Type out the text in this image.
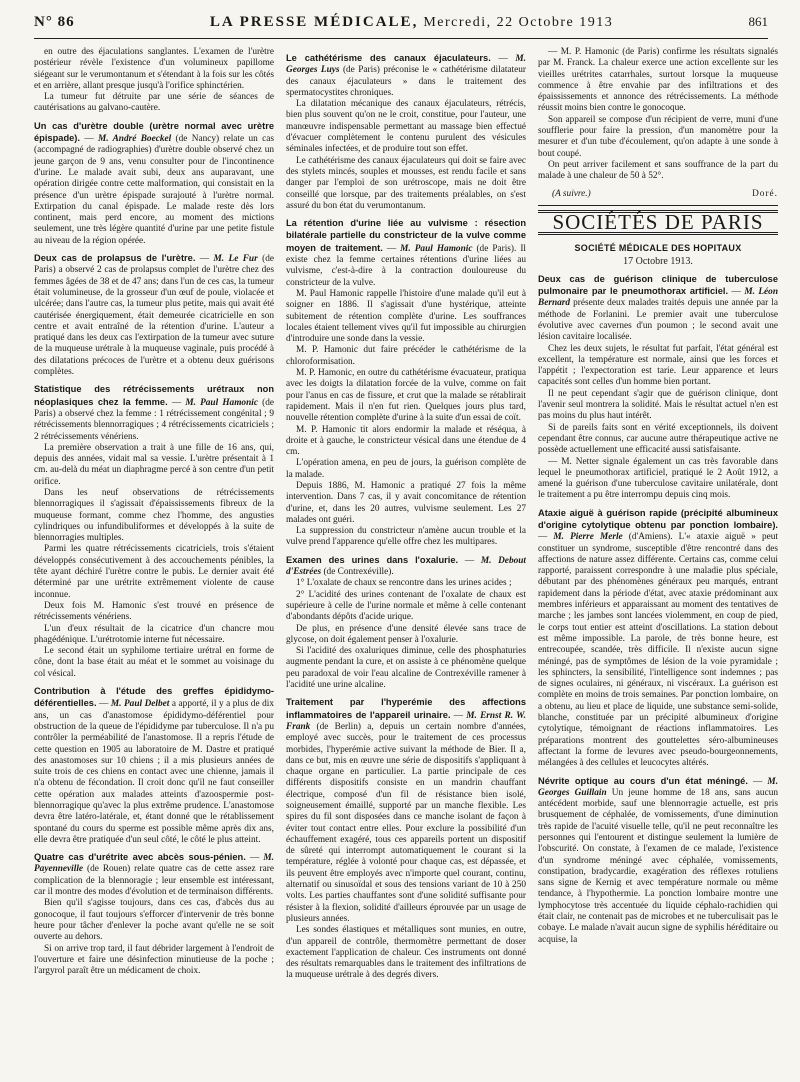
N° 86	LA PRESSE MÉDICALE, Mercredi, 22 Octobre 1913	861

en outre des éjaculations sanglantes. L'examen de l'urètre postérieur révèle l'existence d'un volumineux papillome siégeant sur le verumontanum et s'étendant à la fois sur les côtés et en arrière, allant presque jusqu'à l'orifice sphinctérien.

La tumeur fut détruite par une série de séances de cautérisations au galvano-cautère.

Un cas d'urètre double (urètre normal avec urètre épispade). — M. André Boeckel (de Nancy) relate un cas (accompagné de radiographies) d'urètre double observé chez un jeune garçon de 9 ans, venu consulter pour de l'incontinence d'urine. Le malade avait subi, deux ans auparavant, une opération dirigée contre cette malformation, qui consistait en la présence d'un urètre épispade surajouté à l'urètre normal. Extirpation du canal épispade. Le malade reste dès lors continent, mais perd encore, au moment des mictions seulement, une très légère quantité d'urine par une petite fistule au niveau de la région opérée.

Deux cas de prolapsus de l'urètre. — M. Le Fur (de Paris) a observé 2 cas de prolapsus complet de l'urètre chez des femmes âgées de 38 et de 47 ans; dans l'un de ces cas, la tumeur était volumineuse, de la grosseur d'un œuf de poule, violacée et ulcérée; dans l'autre cas, la tumeur plus petite, mais qui avait été cautérisée énergiquement, était demeurée cicatricielle en son centre et avait entraîné de la rétention d'urine. L'auteur a pratiqué dans les deux cas l'extirpation de la tumeur avec suture de la muqueuse urétrale à la muqueuse vaginale, puis procédé à des dilatations précoces de l'urètre et a obtenu deux guérisons complètes.

Statistique des rétrécissements urétraux non néoplasiques chez la femme. — M. Paul Hamonic (de Paris) a observé chez la femme : 1 rétrécissement congénital ; 9 rétrécissements blennorragiques ; 4 rétrécissements cicatriciels ; 2 rétrécissements vénériens.

La première observation a trait à une fille de 16 ans, qui, depuis des années, vidait mal sa vessie. L'urètre présentait à 1 cm. au-delà du méat un diaphragme percé à son centre d'un petit orifice.

Dans les neuf observations de rétrécissements blennorragiques il s'agissait d'épaississements fibreux de la muqueuse formant, comme chez l'homme, des angusties cylindriques ou infundibuliformes et développés à la suite de blennorragies multiples.

Parmi les quatre rétrécissements cicatriciels, trois s'étaient développés consécutivement à des accouchements pénibles, la tête ayant déchiré l'urètre contre le pubis. Le dernier avait été déterminé par une urétrite extrêmement violente de cause inconnue.

Deux fois M. Hamonic s'est trouvé en présence de rétrécissements vénériens.

L'un d'eux résultait de la cicatrice d'un chancre mou phagédénique. L'urétrotomie interne fut nécessaire.

Le second était un syphilome tertiaire urétral en forme de cône, dont la base était au méat et le sommet au voisinage du col vésical.

Contribution à l'étude des greffes épididymo-déférentielles. — M. Paul Delbet a apporté, il y a plus de dix ans, un cas d'anastomose épididymo-déférentiel pour obstruction de la queue de l'épididyme par tuberculose. Il n'a pu contrôler la perméabilité de l'anastomose. Il a repris l'étude de cette question en 1905 au laboratoire de M. Dastre et pratiqué des anastomoses sur 10 chiens ; il a mis plusieurs années de suite trois de ces chiens en contact avec une chienne, jamais il n'a obtenu de fécondation. Il croit donc qu'il ne faut conseiller cette opération aux malades atteints d'azoospermie post-blennorragique qu'avec la plus extrême prudence. L'anastomose devra être latéro-latérale, et, étant donné que le rétablissement spontané du cours du sperme est possible même après dix ans, elle devra être pratiquée d'un seul côté, le côté le plus atteint.

Quatre cas d'urétrite avec abcès sous-pénien. — M. Payenneville (de Rouen) relate quatre cas de cette assez rare complication de la blennoragie ; leur ensemble est intéressant, car il montre des modes d'évolution et de terminaison différents.

Bien qu'il s'agisse toujours, dans ces cas, d'abcès dus au gonocoque, il faut toujours s'efforcer d'intervenir de très bonne heure pour tâcher d'enlever la poche avant qu'elle ne se soit ouverte au dehors.

Si on arrive trop tard, il faut débrider largement à l'endroit de l'ouverture et faire une désinfection minutieuse de la poche ; l'argyrol paraît être un médicament de choix.

Le cathétérisme des canaux éjaculateurs. — M. Georges Luys (de Paris) préconise le « cathétérisme dilatateur des canaux éjaculateurs » dans le traitement des spermatocystites chroniques.

La dilatation mécanique des canaux éjaculateurs, rétrécis, bien plus souvent qu'on ne le croit, constitue, pour l'auteur, une manœuvre indispensable permettant au massage bien effectué d'évacuer complètement le contenu purulent des vésicules séminales infectées, et de produire tout son effet.

Le cathétérisme des canaux éjaculateurs qui doit se faire avec des stylets mincés, souples et mousses, est rendu facile et sans danger par l'emploi de son urétroscope, mais ne doit être conseillé que lorsque, par des traitements préalables, on s'est assuré du bon état du verumontanum.

La rétention d'urine liée au vulvisme : résection bilatérale partielle du constricteur de la vulve comme moyen de traitement. — M. Paul Hamonic (de Paris). Il existe chez la femme certaines rétentions d'urine liées au vulvisme, c'est-à-dire à la contraction douloureuse du constricteur de la vulve.

M. Paul Hamonic rappelle l'histoire d'une malade qu'il eut à soigner en 1886. Il s'agissait d'une hystérique, atteinte subitement de rétention complète d'urine. Les souffrances locales étaient tellement vives qu'il fut impossible au chirurgien d'introduire une sonde dans la vessie.

M. P. Hamonic dut faire précéder le cathétérisme de la chloroformisation.

M. P. Hamonic, en outre du cathétérisme évacuateur, pratiqua avec les doigts la dilatation forcée de la vulve, comme on fait pour l'anus en cas de fissure, et crut que la malade se rétablirait rapidement. Mais il n'en fut rien. Quelques jours plus tard, nouvelle rétention complète d'urine à la suite d'un essai de coït.

M. P. Hamonic tit alors endormir la malade et réséqua, à droite et à gauche, le constricteur vésical dans une étendue de 4 cm.

L'opération amena, en peu de jours, la guérison complète de la malade.

Depuis 1886, M. Hamonic a pratiqué 27 fois la même intervention. Dans 7 cas, il y avait concomitance de rétention d'urine, et, dans les 20 autres, vulvisme seulement. Les 27 malades ont guéri.

La suppression du constricteur n'amène aucun trouble et la vulve prend l'apparence qu'elle offre chez les multipares.

Examen des urines dans l'oxalurie. — M. Debout d'Estrées (de Contrexéville).

1° L'oxalate de chaux se rencontre dans les urines acides ;

2° L'acidité des urines contenant de l'oxalate de chaux est supérieure à celle de l'urine normale et même à celle contenant d'abondants dépôts d'acide urique.

De plus, en présence d'une densité élevée sans trace de glycose, on doit également penser à l'oxalurie.

Si l'acidité des oxaluriques diminue, celle des phosphaturies augmente pendant la cure, et on assiste à ce phénomène quelque peu paradoxal de voir l'eau alcaline de Contrexéville ramener à l'acidité une urine alcaline.

Traitement par l'hyperémie des affections inflammatoires de l'appareil urinaire. — M. Ernst R. W. Frank (de Berlin) a, depuis un certain nombre d'années, employé avec succès, pour le traitement de ces processus morbides, l'hyperémie active suivant la méthode de Bier. Il a, dans ce but, mis en œuvre une série de dispositifs s'appliquant à chaque organe en particulier. La partie principale de ces différents dispositifs consiste en un mandrin chauffant électrique, composé d'un fil de résistance bien isolé, soigneusement émaillé, supporté par un manche flexible. Les spires du fil sont disposées dans ce manche isolant de façon à éviter tout contact entre elles. Pour exclure la possibilité d'un échauffement exagéré, tous ces appareils portent un dispositif de sûreté qui interrompt automatiquement le courant si la température, réglée à volonté pour chaque cas, est dépassée, et ils peuvent être employés avec n'importe quel courant, continu, alternatif ou sinusoïdal et sous des tensions variant de 10 à 250 volts. Les parties chauffantes sont d'une solidité suffisante pour résister à la flexion, solidité d'ailleurs éprouvée par un usage de plusieurs années.

Les sondes élastiques et métalliques sont munies, en outre, d'un appareil de contrôle, thermomètre permettant de doser exactement l'application de chaleur. Ces instruments ont donné des résultats remarquables dans le traitement des infiltrations de la muqueuse urétrale à des degrés divers.

— M. P. Hamonic (de Paris) confirme les résultats signalés par M. Franck. La chaleur exerce une action excellente sur les vieilles urétrites catarrhales, surtout lorsque la muqueuse commence à être envahie par des infiltrations et des épaississements et annonce des rétrécissements. La méthode réussit moins bien contre le gonocoque.

Son appareil se compose d'un récipient de verre, muni d'une soufflerie pour faire la pression, d'un manomètre pour la mesurer et d'un tube d'écoulement, qu'on adapte à une sonde à bout coupé.

On peut arriver facilement et sans souffrance de la part du malade à une chaleur de 50 à 52°.

(A suivre.)	Doré.
SOCIÉTÉS DE PARIS
SOCIÉTÉ MÉDICALE DES HOPITAUX
17 Octobre 1913.

Deux cas de guérison clinique de tuberculose pulmonaire par le pneumothorax artificiel. — M. Léon Bernard présente deux malades traités depuis une année par la méthode de Forlanini. Le premier avait une tuberculose évolutive avec cavernes d'un poumon ; le second avait une lésion cavitaire localisée.

Chez les deux sujets, le résultat fut parfait, l'état général est excellent, la température est normale, ainsi que les forces et l'appétit ; l'expectoration est tarie. Leur apparence et leurs capacités sont celles d'un homme bien portant.

Il ne peut cependant s'agir que de guérison clinique, dont l'avenir seul montrera la solidité. Mais le résultat actuel n'en est pas moins du plus haut intérêt.

Si de pareils faits sont en vérité exceptionnels, ils doivent cependant être connus, car aucune autre thérapeutique active ne possède actuellement une efficacité aussi satisfaisante.

— M. Netter signale également un cas très favorable dans lequel le pneumothorax artificiel, pratiqué le 2 Août 1912, a amené la guérison d'une tuberculose cavitaire unilatérale, dont le traitement a pu être interrompu depuis cinq mois.

Ataxie aiguë à guérison rapide (précipité albumineux d'origine cytolytique obtenu par ponction lombaire). — M. Pierre Merle (d'Amiens). L'« ataxie aiguë » peut constituer un syndrome, susceptible d'être rencontré dans des affections de nature assez différente. Certains cas, comme celui rapporté, paraissent correspondre à une maladie plus spéciale, débutant par des phénomènes généraux peu marqués, entrant rapidement dans la période d'état, avec ataxie prédominant aux membres inférieurs et apparaissant au moment des tentatives de marche ; les jambes sont lancées violemment, en coup de pied, le corps tout entier est atteint d'oscillations. La station debout est même impossible. La parole, de très bonne heure, est entrecoupée, scandée, très difficile. Il n'existe aucun signe méningé, pas de symptômes de lésion de la voie pyramidale ; les sphincters, la sensibilité, l'intelligence sont indemnes ; pas de signes oculaires, ni généraux, ni viscéraux. La guérison est complète en moins de trois semaines. Par ponction lombaire, on a obtenu, au lieu et place de liquide, une substance semi-solide, blanche, constituée par un précipité albumineux d'origine cytolytique, témoignant de réactions inflammatoires. Les préparations montrent des gouttelettes séro-albumineuses affectant la forme de levures avec pseudo-bourgeonnements, mélangées à des cellules et leucocytes altérés.

Névrite optique au cours d'un état méningé. — M. Georges Guillain Un jeune homme de 18 ans, sans aucun antécédent morbide, sauf une blennorragie actuelle, est pris brusquement de céphalée, de vomissements, d'une diminution très rapide de l'acuité visuelle telle, qu'il ne peut reconnaître les personnes qui l'entourent et distingue seulement la lumière de l'obscurité. On constate, à l'examen de ce malade, l'existence d'un syndrome méningé avec céphalée, vomissements, constipation, bradycardie, exagération des réflexes rotuliens sans signe de Kernig et avec température normale ou même tendance, à l'hypothermie. La ponction lombaire montre une lymphocytose très accentuée du liquide céphalo-rachidien qui était clair, ne contenait pas de microbes et ne tuberculisait pas le cobaye. Le malade n'avait aucun signe de syphilis héréditaire ou acquise, la
